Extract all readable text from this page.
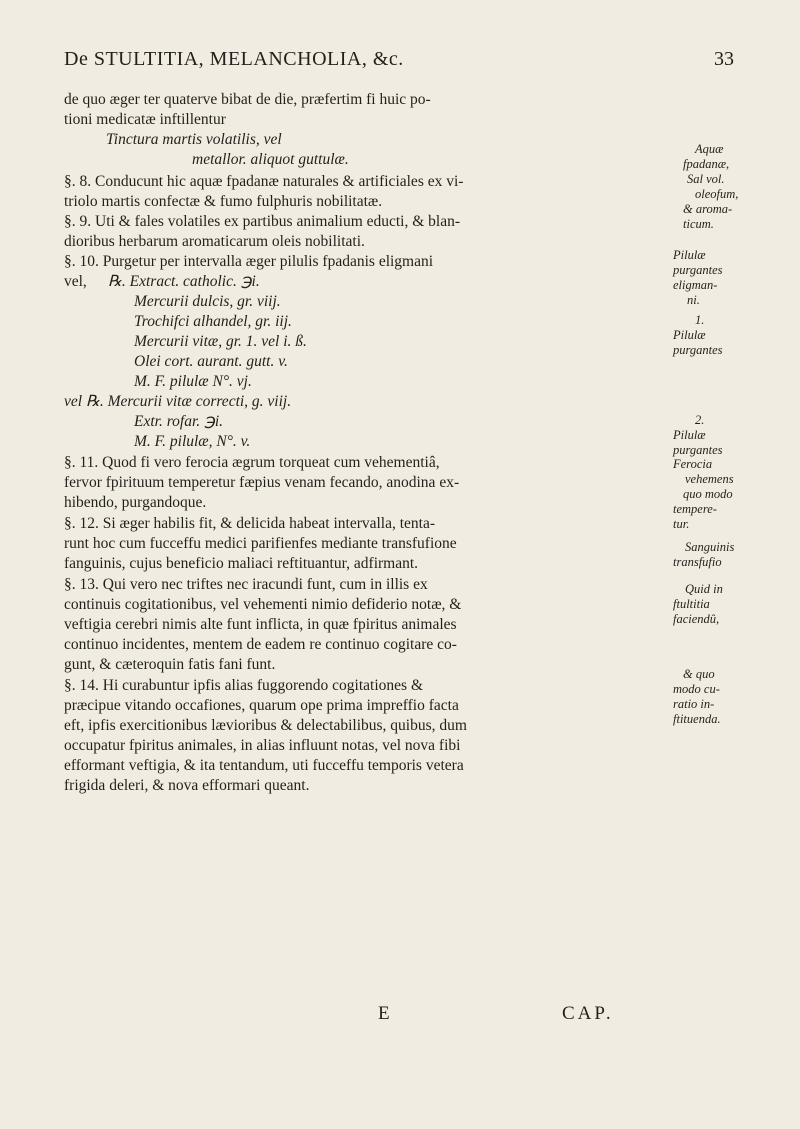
De STULTITIA, MELANCHOLIA, &c.	33
de quo æger ter quaterve bibat de die, præfertim fi huic po-
tioni medicatæ inftillentur
Tinctura martis volatilis, vel
metallor. aliquot guttulæ.
§. 8. Conducunt hic aquæ fpadanæ naturales & artificiales ex vi-
triolo martis confectæ & fumo fulphuris nobilitatæ.
§. 9. Uti & fales volatiles ex partibus animalium educti, & blan-
dioribus herbarum aromaticarum oleis nobilitati.
§. 10. Purgetur per intervalla æger pilulis fpadanis eligmani
vel, ℞. Extract. catholic. ℈i.
Mercurii dulcis, gr. viij.
Trochifci alhandel, gr. iij.
Mercurii vitæ, gr. 1. vel i. ß.
Olei cort. aurant. gutt. v.
M. F. pilulæ N°. vj.
vel ℞. Mercurii vitæ correcti, g. viij.
Extr. rofar. ℈i.
M. F. pilulæ, N°. v.
§. 11. Quod fi vero ferocia ægrum torqueat cum vehementiâ,
fervor fpirituum temperetur fæpius venam fecando, anodina ex-
hibendo, purgandoque.
§. 12. Si æger habilis fit, & delicida habeat intervalla, tenta-
runt hoc cum fucceffu medici parifienfes mediante transfufione
fanguinis, cujus beneficio maliaci reftituantur, adfirmant.
§. 13. Qui vero nec triftes nec iracundi funt, cum in illis ex
continuis cogitationibus, vel vehementi nimio defiderio notæ, &
veftigia cerebri nimis alte funt inflicta, in quæ fpiritus animales
continuo incidentes, mentem de eadem re continuo cogitare co-
gunt, & cæteroquin fatis fani funt.
§. 14. Hi curabuntur ipfis alias fuggorendo cogitationes &
præcipue vitando occafiones, quarum ope prima impreffio facta
eft, ipfis exercitionibus lævioribus & delectabilibus, quibus, dum
occupatur fpiritus animales, in alias influunt notas, vel nova fibi
efformant veftigia, & ita tentandum, uti fucceffu temporis vetera
frigida deleri, & nova efformari queant.
Aquæ
fpadanæ,
Sal vol.
oleofum,
& aroma-
ticum.
Pilulæ
purgantes
eligman-
ni.
1.
Pilulæ
purgantes
2.
Pilulæ
purgantes
Ferocia
vehemens
quo modo
tempere-
tur.
Sanguinis
transfufio
Quid in
ftultitia
faciendû,
& quo
modo cu-
ratio in-
ftituenda.
E	CAP.
